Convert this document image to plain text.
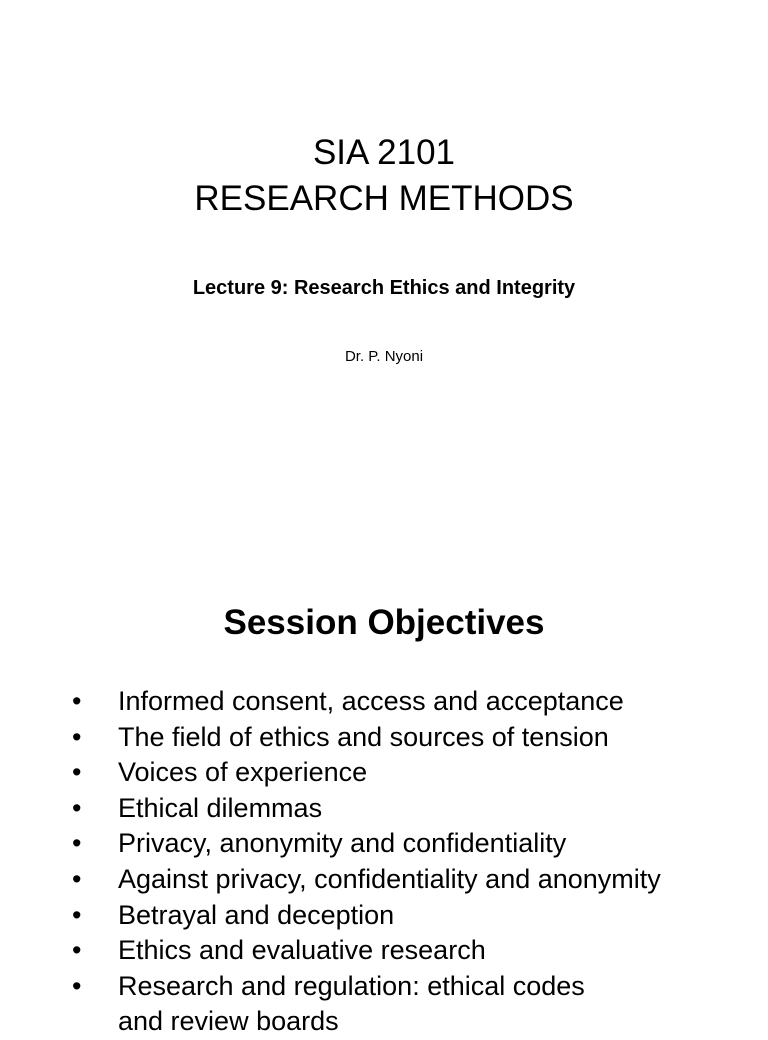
SIA 2101
RESEARCH METHODS
Lecture 9: Research Ethics and Integrity
Dr. P. Nyoni
Session Objectives
• Informed consent, access and acceptance
• The field of ethics and sources of tension
• Voices of experience
• Ethical dilemmas
• Privacy, anonymity and confidentiality
• Against privacy, confidentiality and anonymity
• Betrayal and deception
• Ethics and evaluative research
• Research and regulation: ethical codes
and review boards
